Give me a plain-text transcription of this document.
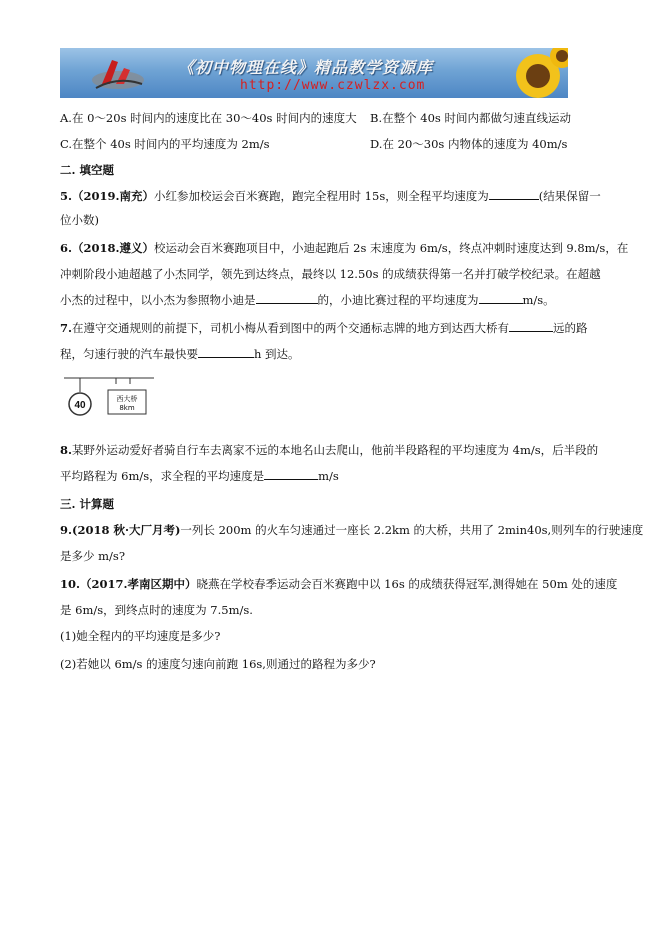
《初中物理在线》精品教学资源库
http://www.czwlzx.com
A.在 0～20s 时间内的速度比在 30～40s 时间内的速度大 B.在整个 40s 时间内都做匀速直线运动
C.在整个 40s 时间内的平均速度为 2m/s	D.在 20～30s 内物体的速度为 40m/s
二. 填空题
5.（2019.南充）小红参加校运会百米赛跑，跑完全程用时 15s，则全程平均速度为	(结果保留一
位小数)
6.（2018.遵义）校运动会百米赛跑项目中，小迪起跑后 2s 末速度为 6m/s，终点冲刺时速度达到 9.8m/s，在
冲刺阶段小迪超越了小杰同学，领先到达终点，最终以 12.50s 的成绩获得第一名并打破学校纪录。在超越
小杰的过程中，以小杰为参照物小迪是	的，小迪比赛过程的平均速度为	m/s。
7.在遵守交通规则的前提下，司机小梅从看到图中的两个交通标志牌的地方到达西大桥有	远的路
程，匀速行驶的汽车最快要	h 到达。
40
西大桥
8km
8.某野外运动爱好者骑自行车去离家不远的本地名山去爬山，他前半段路程的平均速度为 4m/s，后半段的
平均路程为 6m/s，求全程的平均速度是	m/s
三. 计算题
9.(2018 秋·大厂月考)一列长 200m 的火车匀速通过一座长 2.2km 的大桥，共用了 2min40s,则列车的行驶速度
是多少 m/s?
10.（2017.孝南区期中）晓燕在学校春季运动会百米赛跑中以 16s 的成绩获得冠军,测得她在 50m 处的速度
是 6m/s，到终点时的速度为 7.5m/s.
(1)她全程内的平均速度是多少?
(2)若她以 6m/s 的速度匀速向前跑 16s,则通过的路程为多少?
